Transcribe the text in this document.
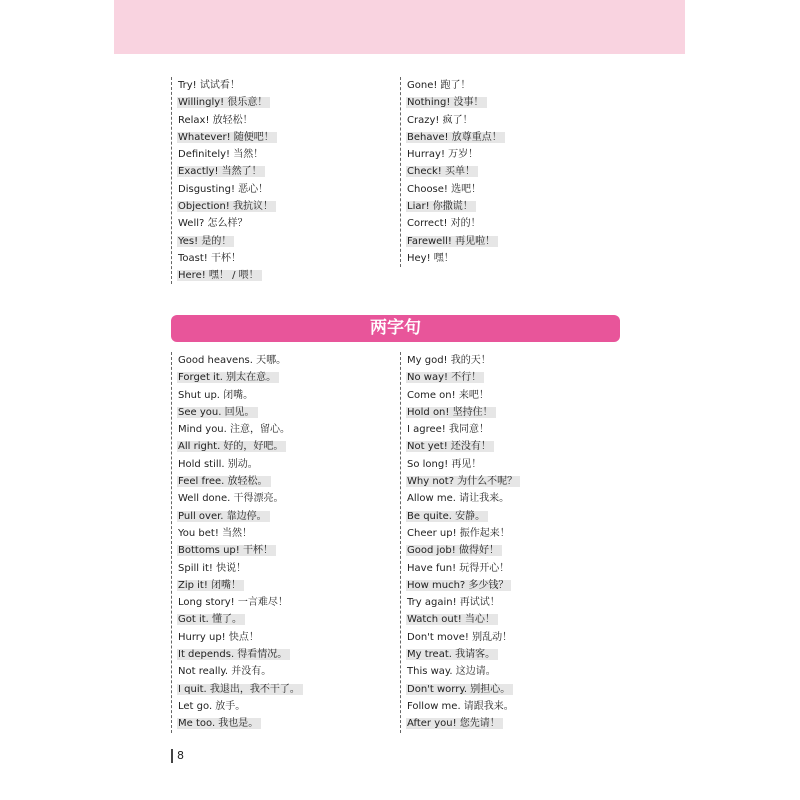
Try! 试试看！
Willingly! 很乐意！
Relax! 放轻松！
Whatever! 随便吧！
Definitely! 当然！
Exactly! 当然了！
Disgusting! 恶心！
Objection! 我抗议！
Well? 怎么样？
Yes! 是的！
Toast! 干杯！
Here! 嘿！ / 喂！
Gone! 跑了！
Nothing! 没事！
Crazy! 疯了！
Behave! 放尊重点！
Hurray! 万岁！
Check! 买单！
Choose! 选吧！
Liar! 你撒谎！
Correct! 对的！
Farewell! 再见啦！
Hey! 嘿！
两字句
Good heavens. 天哪。
Forget it. 别太在意。
Shut up. 闭嘴。
See you. 回见。
Mind you. 注意，留心。
All right. 好的，好吧。
Hold still. 别动。
Feel free. 放轻松。
Well done. 干得漂亮。
Pull over. 靠边停。
You bet! 当然！
Bottoms up! 干杯！
Spill it! 快说！
Zip it! 闭嘴！
Long story! 一言难尽！
Got it. 懂了。
Hurry up! 快点！
It depends. 得看情况。
Not really. 并没有。
I quit. 我退出，我不干了。
Let go. 放手。
Me too. 我也是。
My god! 我的天！
No way! 不行！
Come on! 来吧！
Hold on! 坚持住！
I agree! 我同意！
Not yet! 还没有！
So long! 再见！
Why not? 为什么不呢？
Allow me. 请让我来。
Be quite. 安静。
Cheer up! 振作起来！
Good job! 做得好！
Have fun! 玩得开心！
How much? 多少钱？
Try again! 再试试！
Watch out! 当心！
Don't move! 别乱动！
My treat. 我请客。
This way. 这边请。
Don't worry. 别担心。
Follow me. 请跟我来。
After you! 您先请！
8
